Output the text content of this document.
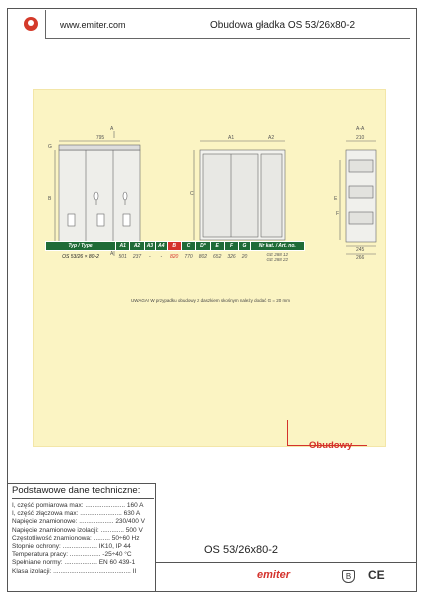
www.emiter.com	Obudowa gładka OS 53/26x80-2
UWAGA! W przypadku obudowy z daszkiem skośnym należy dodać G = 20 mm
795
A
A
G
B
A1	A2
C
A-A
210
E
F
245
266
Typ / Type	A1	A2	A3	A4	B	C	D*	E	F	G	Nr kat. / Art. no.
OS 53/26 × 80-2	501	237	-	-	820	770	802	652	326	20	GE 288 12
GE 288 22
Obudowy
Podstawowe dane techniczne:
I, część pomiarowa max: ...................... 160 A
I, część złączowa max: ....................... 630 A
Napięcie znamionowe: ................... 230/400 V
Napięcie znamionowe izolacji: ............. 500 V
Częstotliwość znamionowa: ......... 50÷60 Hz
Stopnie ochrony: ................... IK10, IP 44
Temperatura pracy: ................. -25÷40 °C
Spełniane normy: .................. EN 60 439-1
Klasa izolacji: ........................................... II
OS 53/26x80-2
emiter	B	CE
